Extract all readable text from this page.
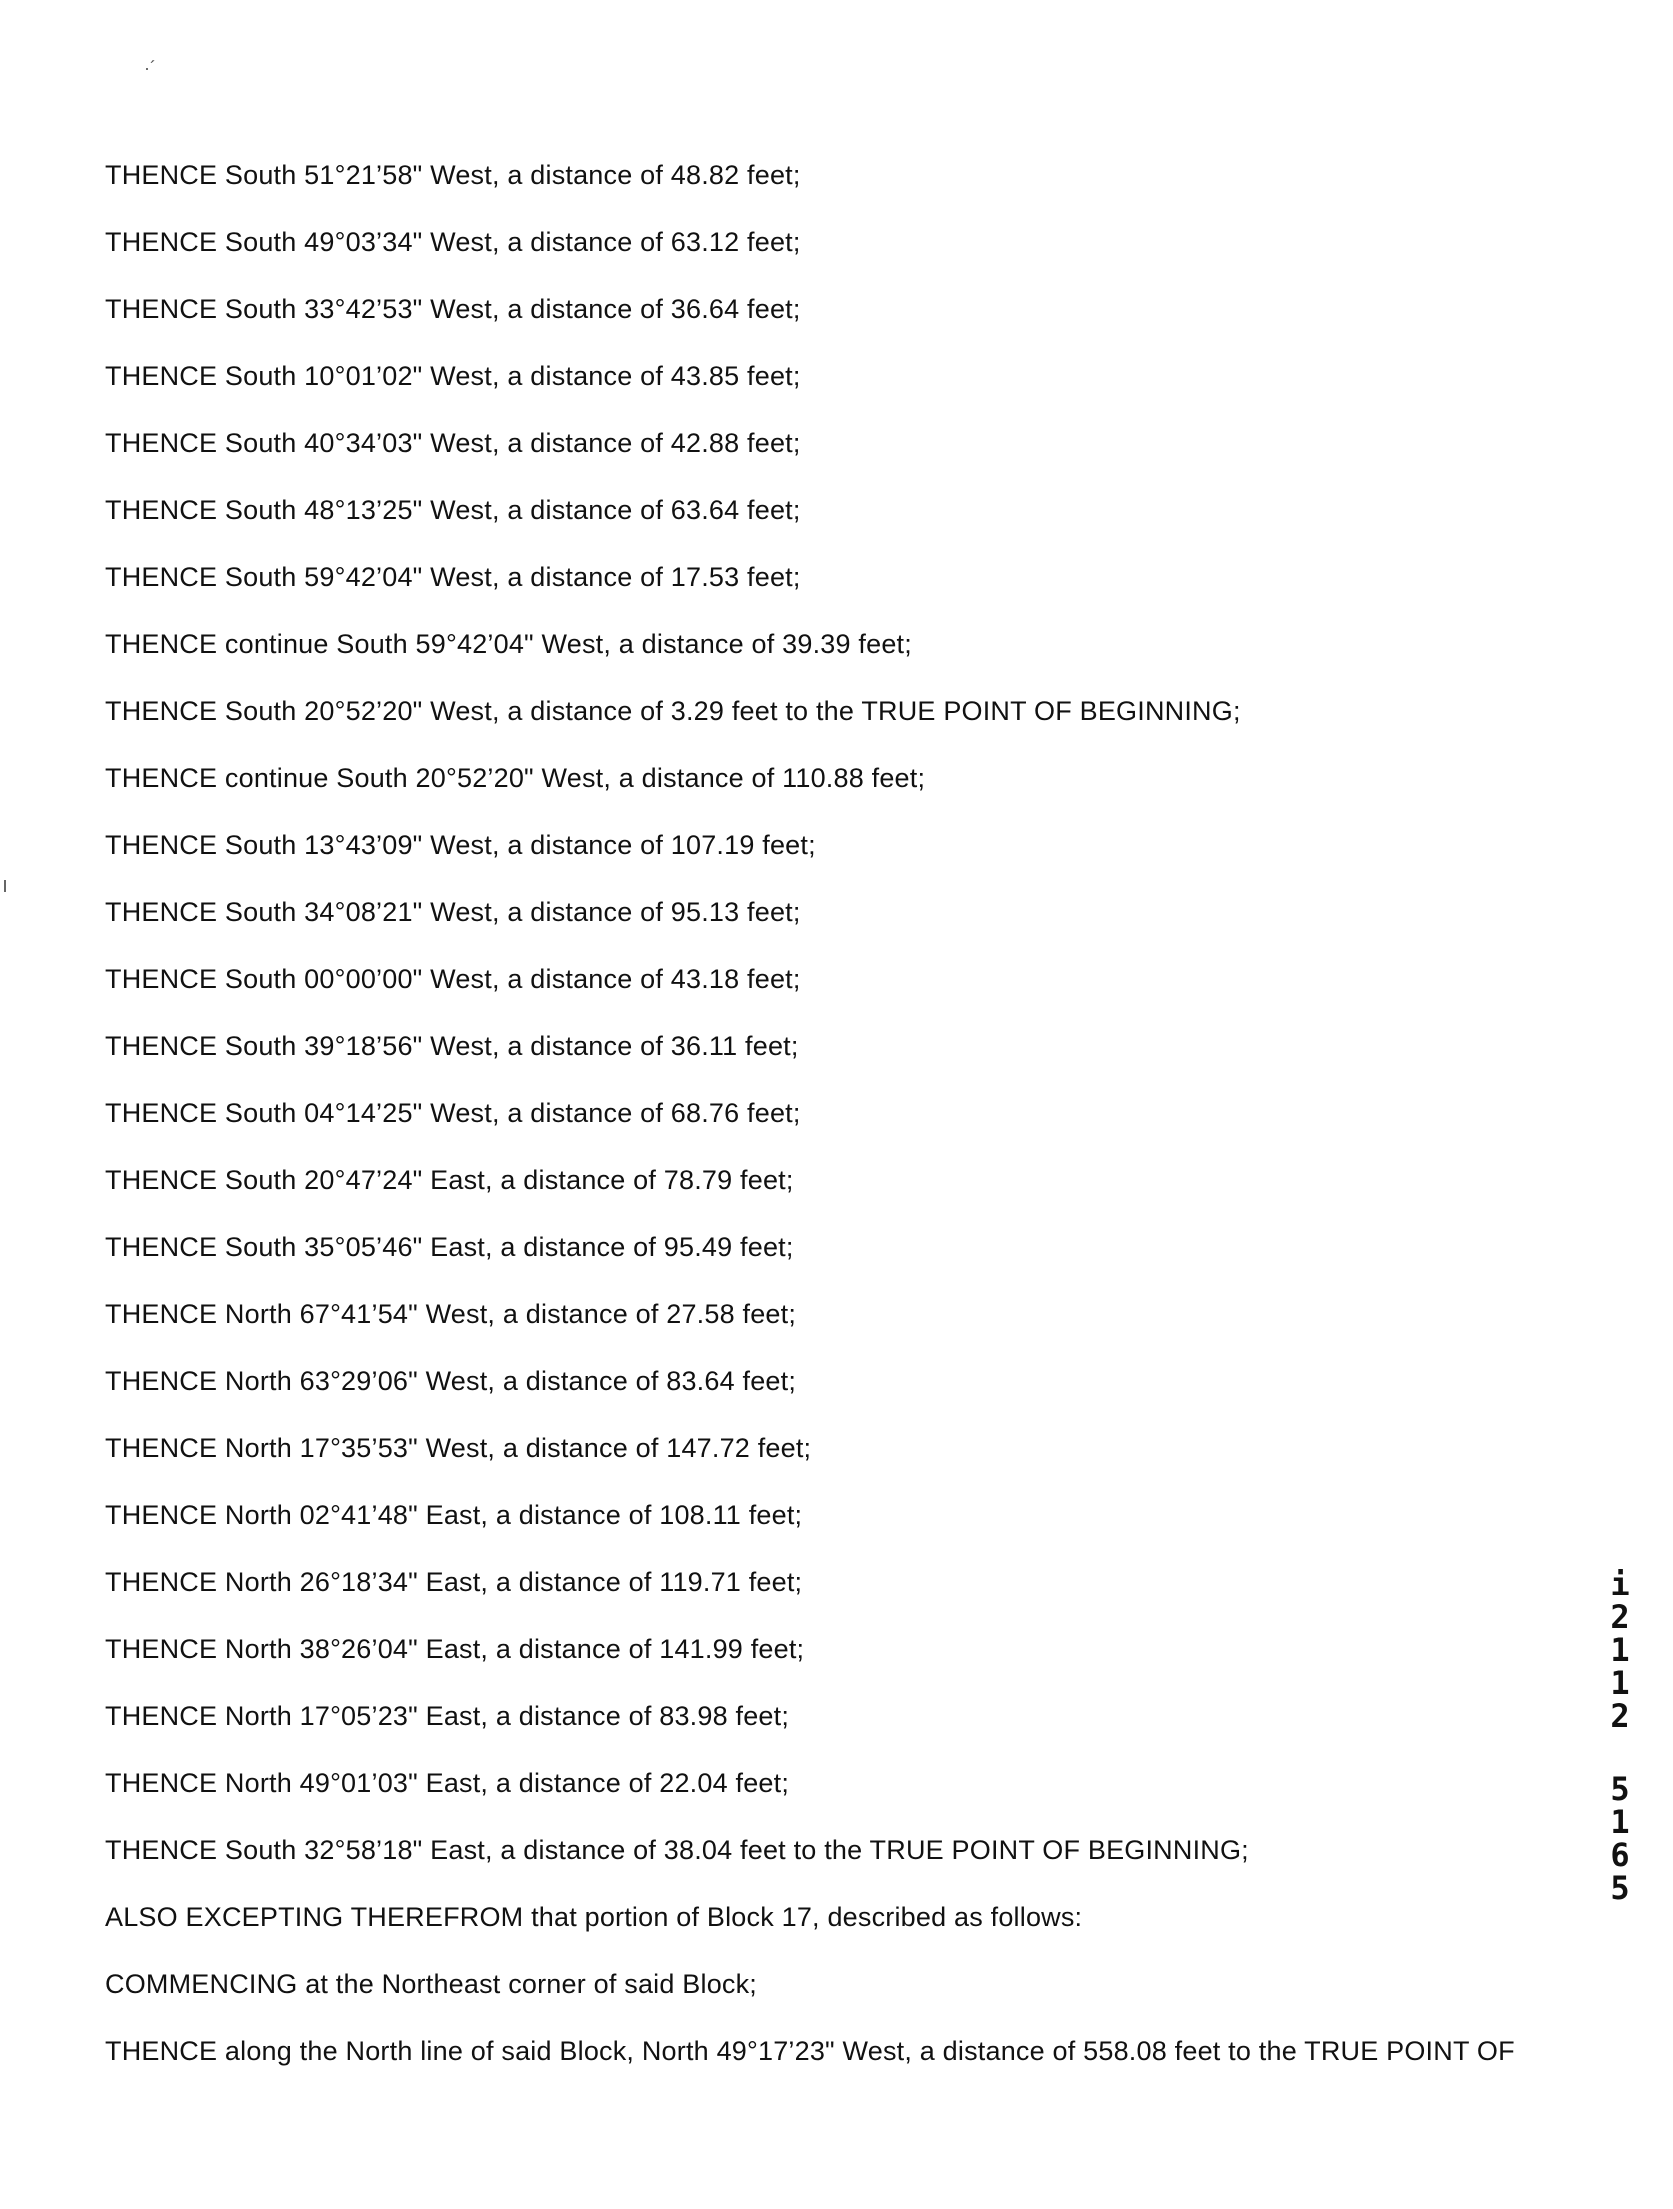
·´
THENCE South 51°21’58" West, a distance of 48.82 feet;
THENCE South 49°03’34" West, a distance of 63.12 feet;
THENCE South 33°42’53" West, a distance of 36.64 feet;
THENCE South 10°01’02" West, a distance of 43.85 feet;
THENCE South 40°34’03" West, a distance of 42.88 feet;
THENCE South 48°13’25" West, a distance of 63.64 feet;
THENCE South 59°42’04" West, a distance of 17.53 feet;
THENCE continue South 59°42’04" West, a distance of 39.39 feet;
THENCE South 20°52’20" West, a distance of 3.29 feet to the TRUE POINT OF BEGINNING;
THENCE continue South 20°52’20" West, a distance of 110.88 feet;
THENCE South 13°43’09" West, a distance of 107.19 feet;
THENCE South 34°08’21" West, a distance of 95.13 feet;
THENCE South 00°00’00" West, a distance of 43.18 feet;
THENCE South 39°18’56" West, a distance of 36.11 feet;
THENCE South 04°14’25" West, a distance of 68.76 feet;
THENCE South 20°47’24" East, a distance of 78.79 feet;
THENCE South 35°05’46" East, a distance of 95.49 feet;
THENCE North 67°41’54" West, a distance of 27.58 feet;
THENCE North 63°29’06" West, a distance of 83.64 feet;
THENCE North 17°35’53" West, a distance of 147.72 feet;
THENCE North 02°41’48" East, a distance of 108.11 feet;
THENCE North 26°18’34" East, a distance of 119.71 feet;
THENCE North 38°26’04" East, a distance of 141.99 feet;
THENCE North 17°05’23" East, a distance of 83.98 feet;
THENCE North 49°01’03" East, a distance of 22.04 feet;
THENCE South 32°58’18" East, a distance of 38.04 feet to the TRUE POINT OF BEGINNING;
ALSO EXCEPTING THEREFROM that portion of Block 17, described as follows:
COMMENCING at the Northeast corner of said Block;
THENCE along the North line of said Block, North 49°17’23" West, a distance of 558.08 feet to the TRUE POINT OF
i
2
1
1
2
5
1
6
5
